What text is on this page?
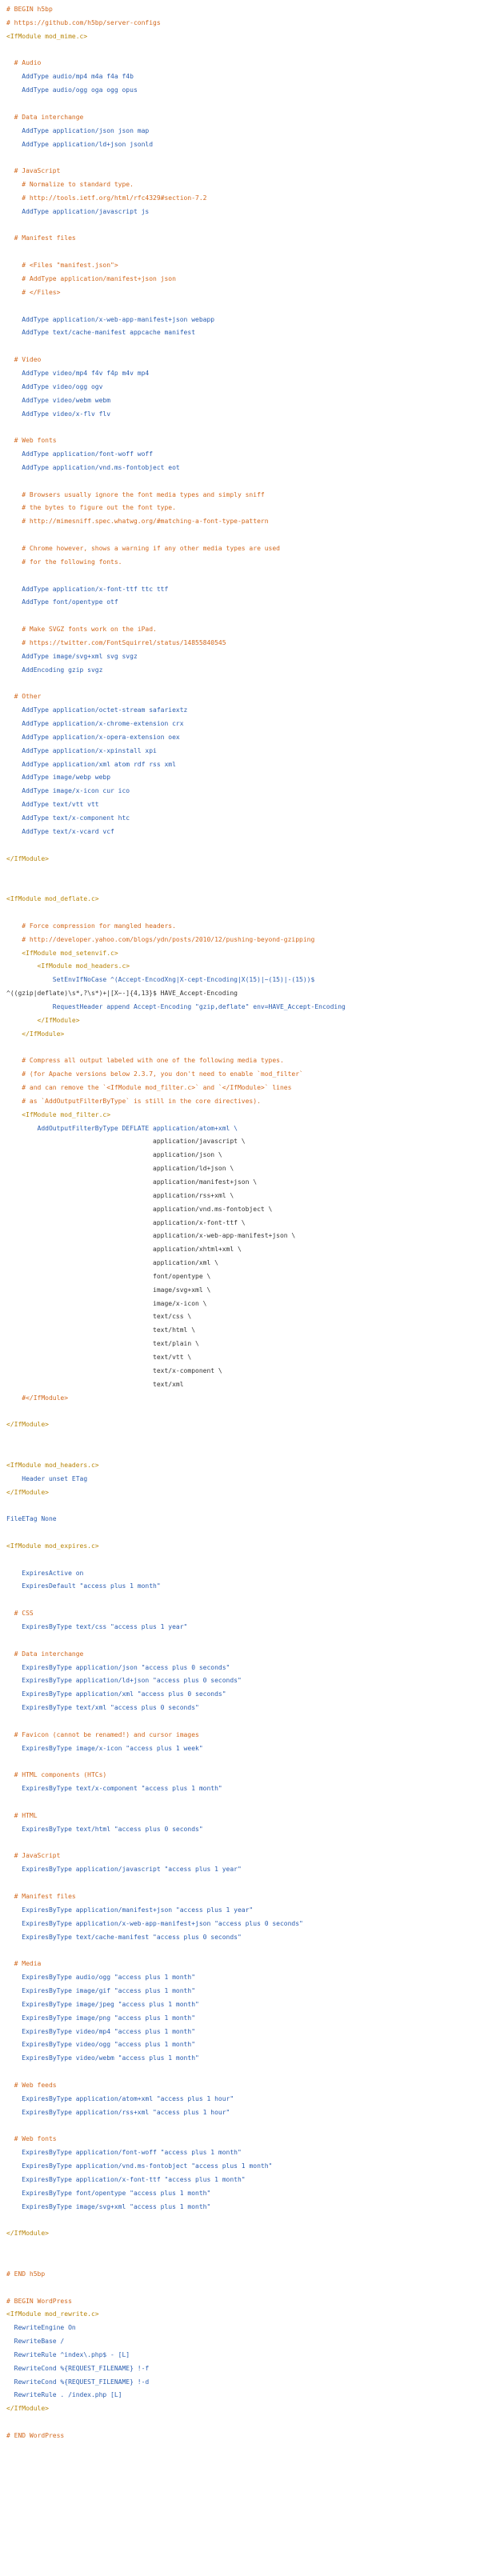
# BEGIN h5bp
# https://github.com/h5bp/server-configs
<IfModule mod_mime.c>
# Audio
AddType audio/mp4 m4a f4a f4b
AddType audio/ogg oga ogg opus
# Data interchange
AddType application/json json map
AddType application/ld+json jsonld
# JavaScript
# Normalize to standard type.
# http://tools.ietf.org/html/rfc4329#section-7.2
AddType application/javascript js
# Manifest files
# <Files "manifest.json">
# AddType application/manifest+json json
# </Files>
AddType application/x-web-app-manifest+json webapp
AddType text/cache-manifest appcache manifest
# Video
AddType video/mp4 f4v f4p m4v mp4
AddType video/ogg ogv
AddType video/webm webm
AddType video/x-flv flv
# Web fonts
AddType application/font-woff woff
AddType application/vnd.ms-fontobject eot
# Browsers usually ignore the font media types and simply sniff
# the bytes to figure out the font type.
# http://mimesniff.spec.whatwg.org/#matching-a-font-type-pattern
# Chrome however, shows a warning if any other media types are used
# for the following fonts.
AddType application/x-font-ttf ttc ttf
AddType font/opentype otf
# Make SVGZ fonts work on the iPad.
# https://twitter.com/FontSquirrel/status/14855840545
AddType image/svg+xml svg svgz
AddEncoding gzip svgz
# Other
AddType application/octet-stream safariextz
AddType application/x-chrome-extension crx
AddType application/x-opera-extension oex
AddType application/x-xpinstall xpi
AddType application/xml atom rdf rss xml
AddType image/webp webp
AddType image/x-icon cur ico
AddType text/vtt vtt
AddType text/x-component htc
AddType text/x-vcard vcf
</IfModule>
<IfModule mod_deflate.c>
# Force compression for mangled headers.
# http://developer.yahoo.com/blogs/ydn/posts/2010/12/pushing-beyond-gzipping
<IfModule mod_setenvif.c>
<IfModule mod_headers.c>
SetEnvIfNoCase ^(Accept-EncodXng|X-cept-Encoding|X(15)|~(15)|-(15))$
^((gzip|deflate)\s*,?\s*)+|[X~-]{4,13}$ HAVE_Accept-Encoding
RequestHeader append Accept-Encoding "gzip,deflate" env=HAVE_Accept-Encoding
</IfModule>
</IfModule>
# Compress all output labeled with one of the following media types.
# (for Apache versions below 2.3.7, you don't need to enable `mod_filter`
# and can remove the `<IfModule mod_filter.c>` and `</IfModule>` lines
# as `AddOutputFilterByType` is still in the core directives).
<IfModule mod_filter.c>
AddOutputFilterByType DEFLATE application/atom+xml \
application/javascript \
application/json \
application/ld+json \
application/manifest+json \
application/rss+xml \
application/vnd.ms-fontobject \
application/x-font-ttf \
application/x-web-app-manifest+json \
application/xhtml+xml \
application/xml \
font/opentype \
image/svg+xml \
image/x-icon \
text/css \
text/html \
text/plain \
text/vtt \
text/x-component \
text/xml
#</IfModule>
</IfModule>
<IfModule mod_headers.c>
Header unset ETag
</IfModule>
FileETag None
<IfModule mod_expires.c>
ExpiresActive on
ExpiresDefault "access plus 1 month"
# CSS
ExpiresByType text/css "access plus 1 year"
# Data interchange
ExpiresByType application/json "access plus 0 seconds"
ExpiresByType application/ld+json "access plus 0 seconds"
ExpiresByType application/xml "access plus 0 seconds"
ExpiresByType text/xml "access plus 0 seconds"
# Favicon (cannot be renamed!) and cursor images
ExpiresByType image/x-icon "access plus 1 week"
# HTML components (HTCs)
ExpiresByType text/x-component "access plus 1 month"
# HTML
ExpiresByType text/html "access plus 0 seconds"
# JavaScript
ExpiresByType application/javascript "access plus 1 year"
# Manifest files
ExpiresByType application/manifest+json "access plus 1 year"
ExpiresByType application/x-web-app-manifest+json "access plus 0 seconds"
ExpiresByType text/cache-manifest "access plus 0 seconds"
# Media
ExpiresByType audio/ogg "access plus 1 month"
ExpiresByType image/gif "access plus 1 month"
ExpiresByType image/jpeg "access plus 1 month"
ExpiresByType image/png "access plus 1 month"
ExpiresByType video/mp4 "access plus 1 month"
ExpiresByType video/ogg "access plus 1 month"
ExpiresByType video/webm "access plus 1 month"
# Web feeds
ExpiresByType application/atom+xml "access plus 1 hour"
ExpiresByType application/rss+xml "access plus 1 hour"
# Web fonts
ExpiresByType application/font-woff "access plus 1 month"
ExpiresByType application/vnd.ms-fontobject "access plus 1 month"
ExpiresByType application/x-font-ttf "access plus 1 month"
ExpiresByType font/opentype "access plus 1 month"
ExpiresByType image/svg+xml "access plus 1 month"
</IfModule>
# END h5bp
# BEGIN WordPress
<IfModule mod_rewrite.c>
RewriteEngine On
RewriteBase /
RewriteRule ^index\.php$ - [L]
RewriteCond %{REQUEST_FILENAME} !-f
RewriteCond %{REQUEST_FILENAME} !-d
RewriteRule . /index.php [L]
</IfModule>
# END WordPress
